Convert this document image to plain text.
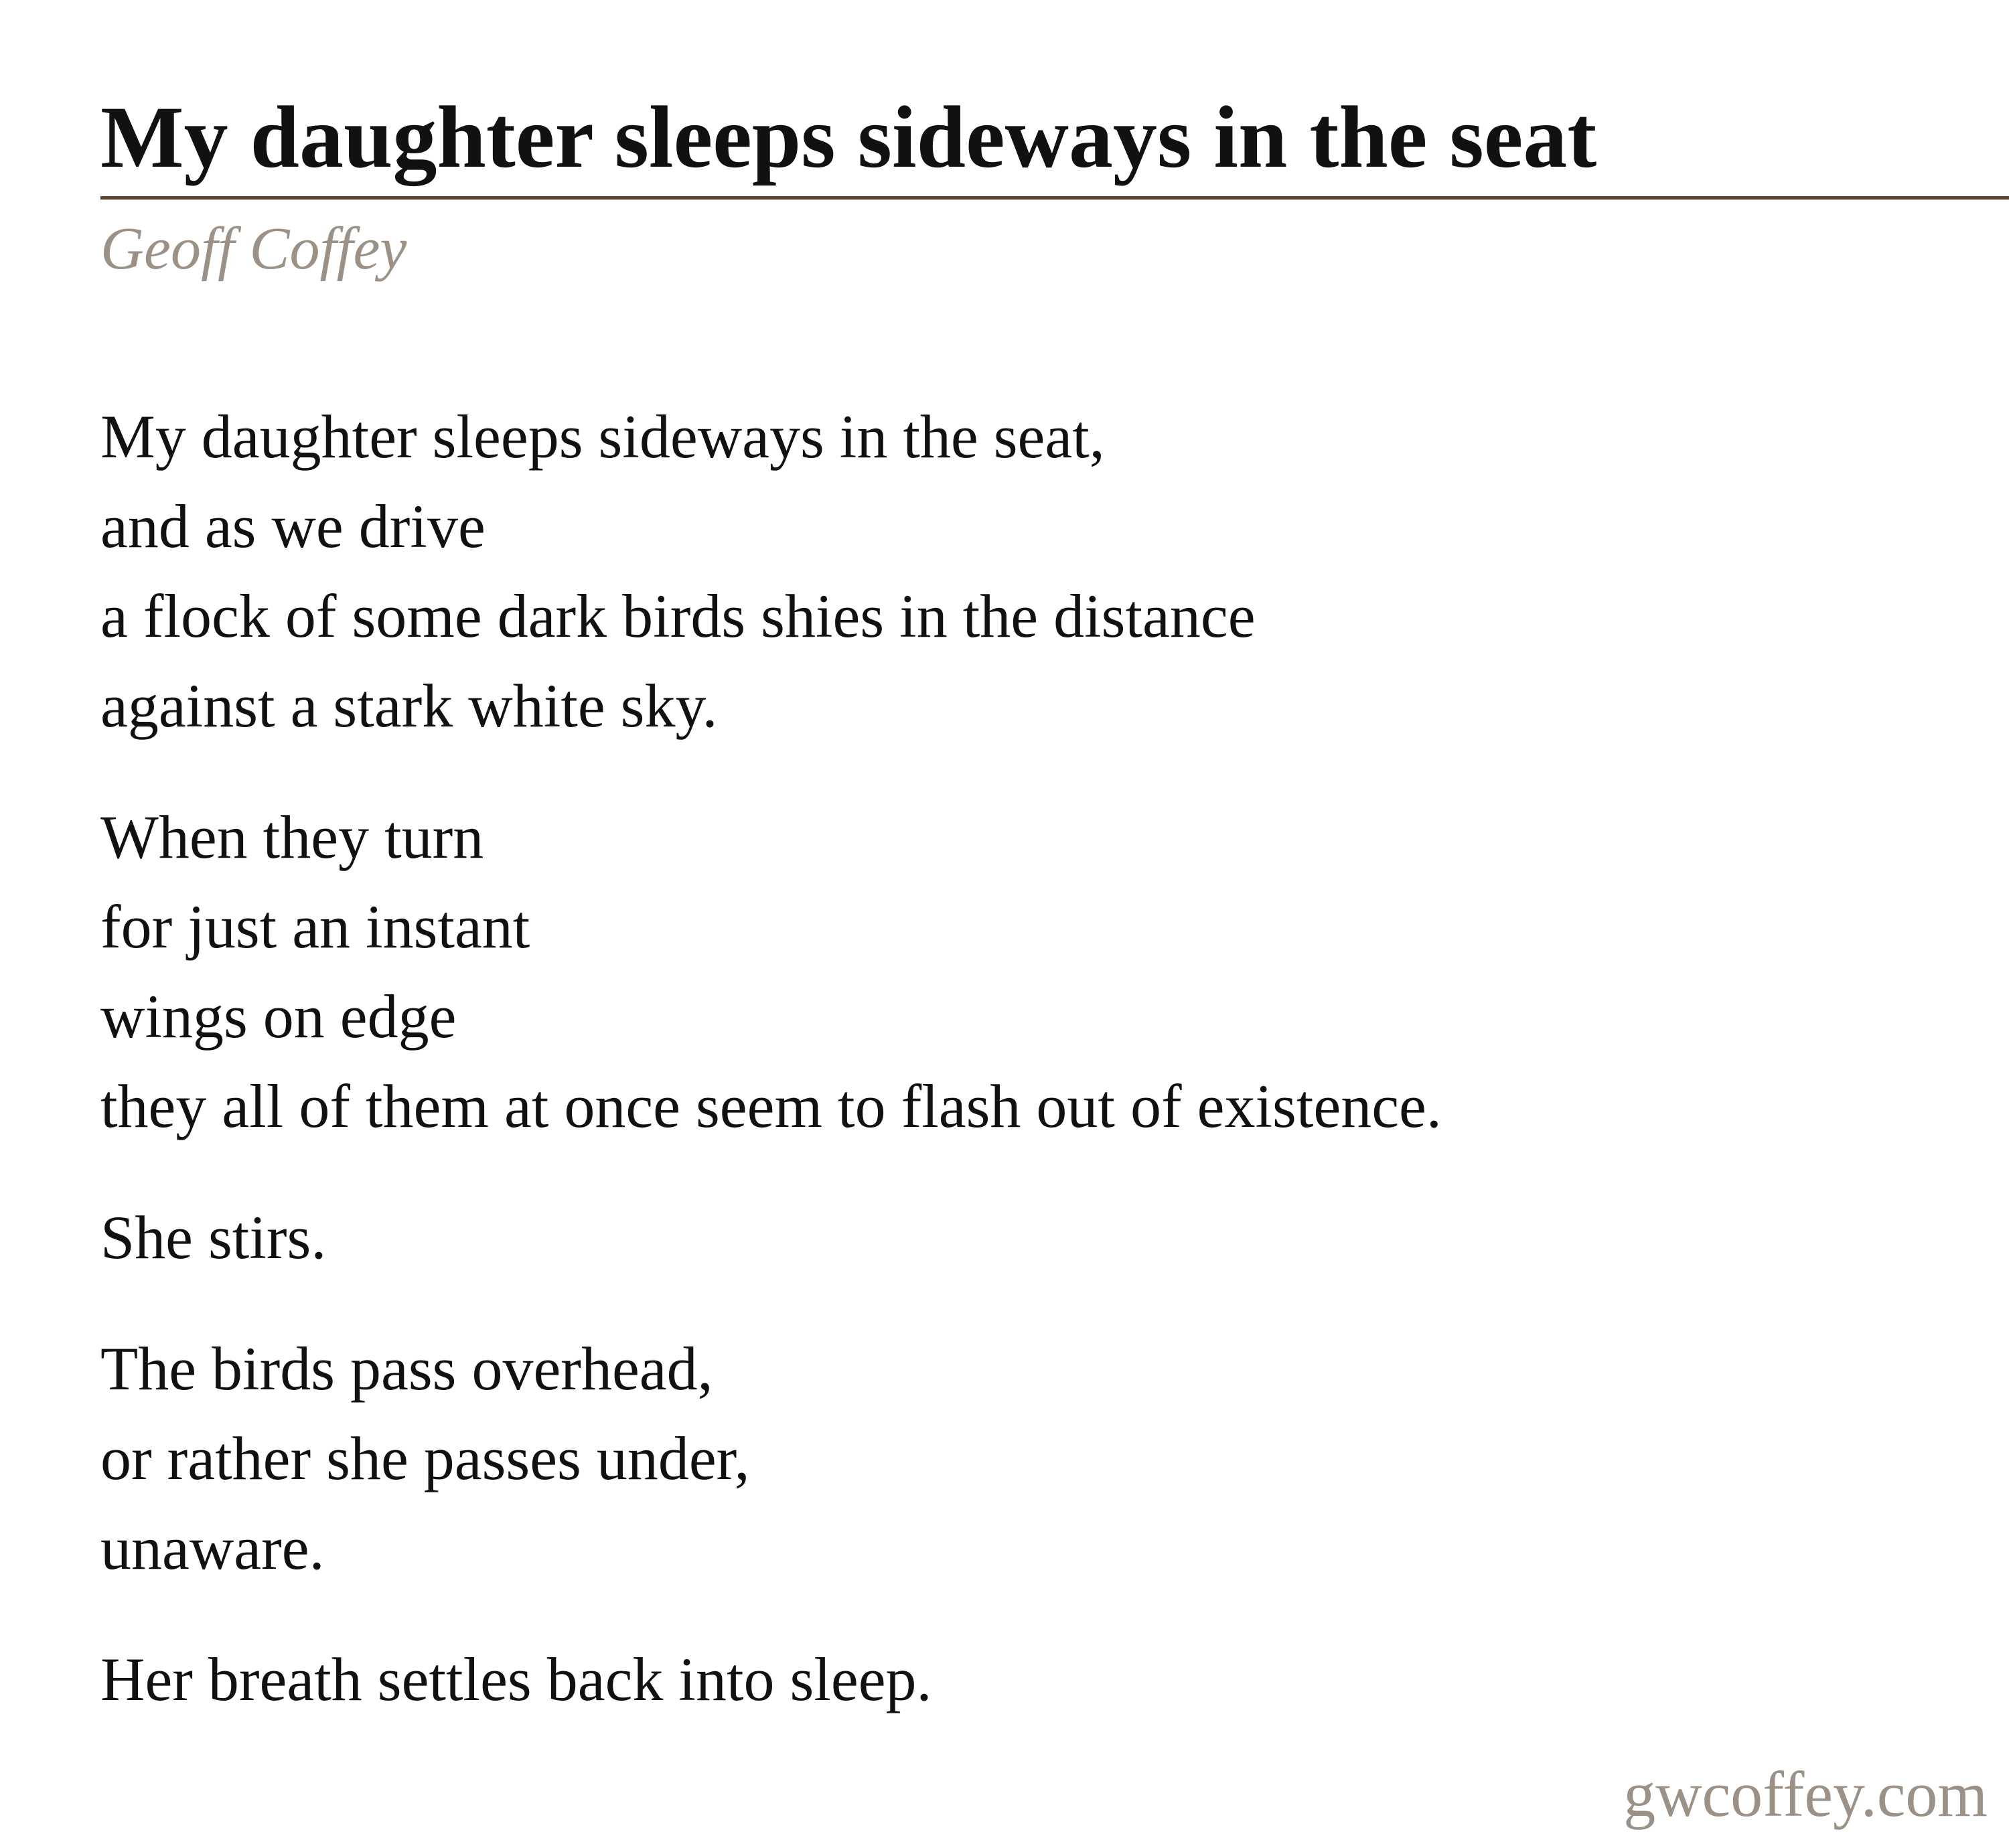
My daughter sleeps sideways in the seat

Geoff Coffey

My daughter sleeps sideways in the seat,
and as we drive
a flock of some dark birds shies in the distance
against a stark white sky.

When they turn
for just an instant
wings on edge
they all of them at once seem to flash out of existence.

She stirs.

The birds pass overhead,
or rather she passes under,
unaware.

Her breath settles back into sleep.

gwcoffey.com
